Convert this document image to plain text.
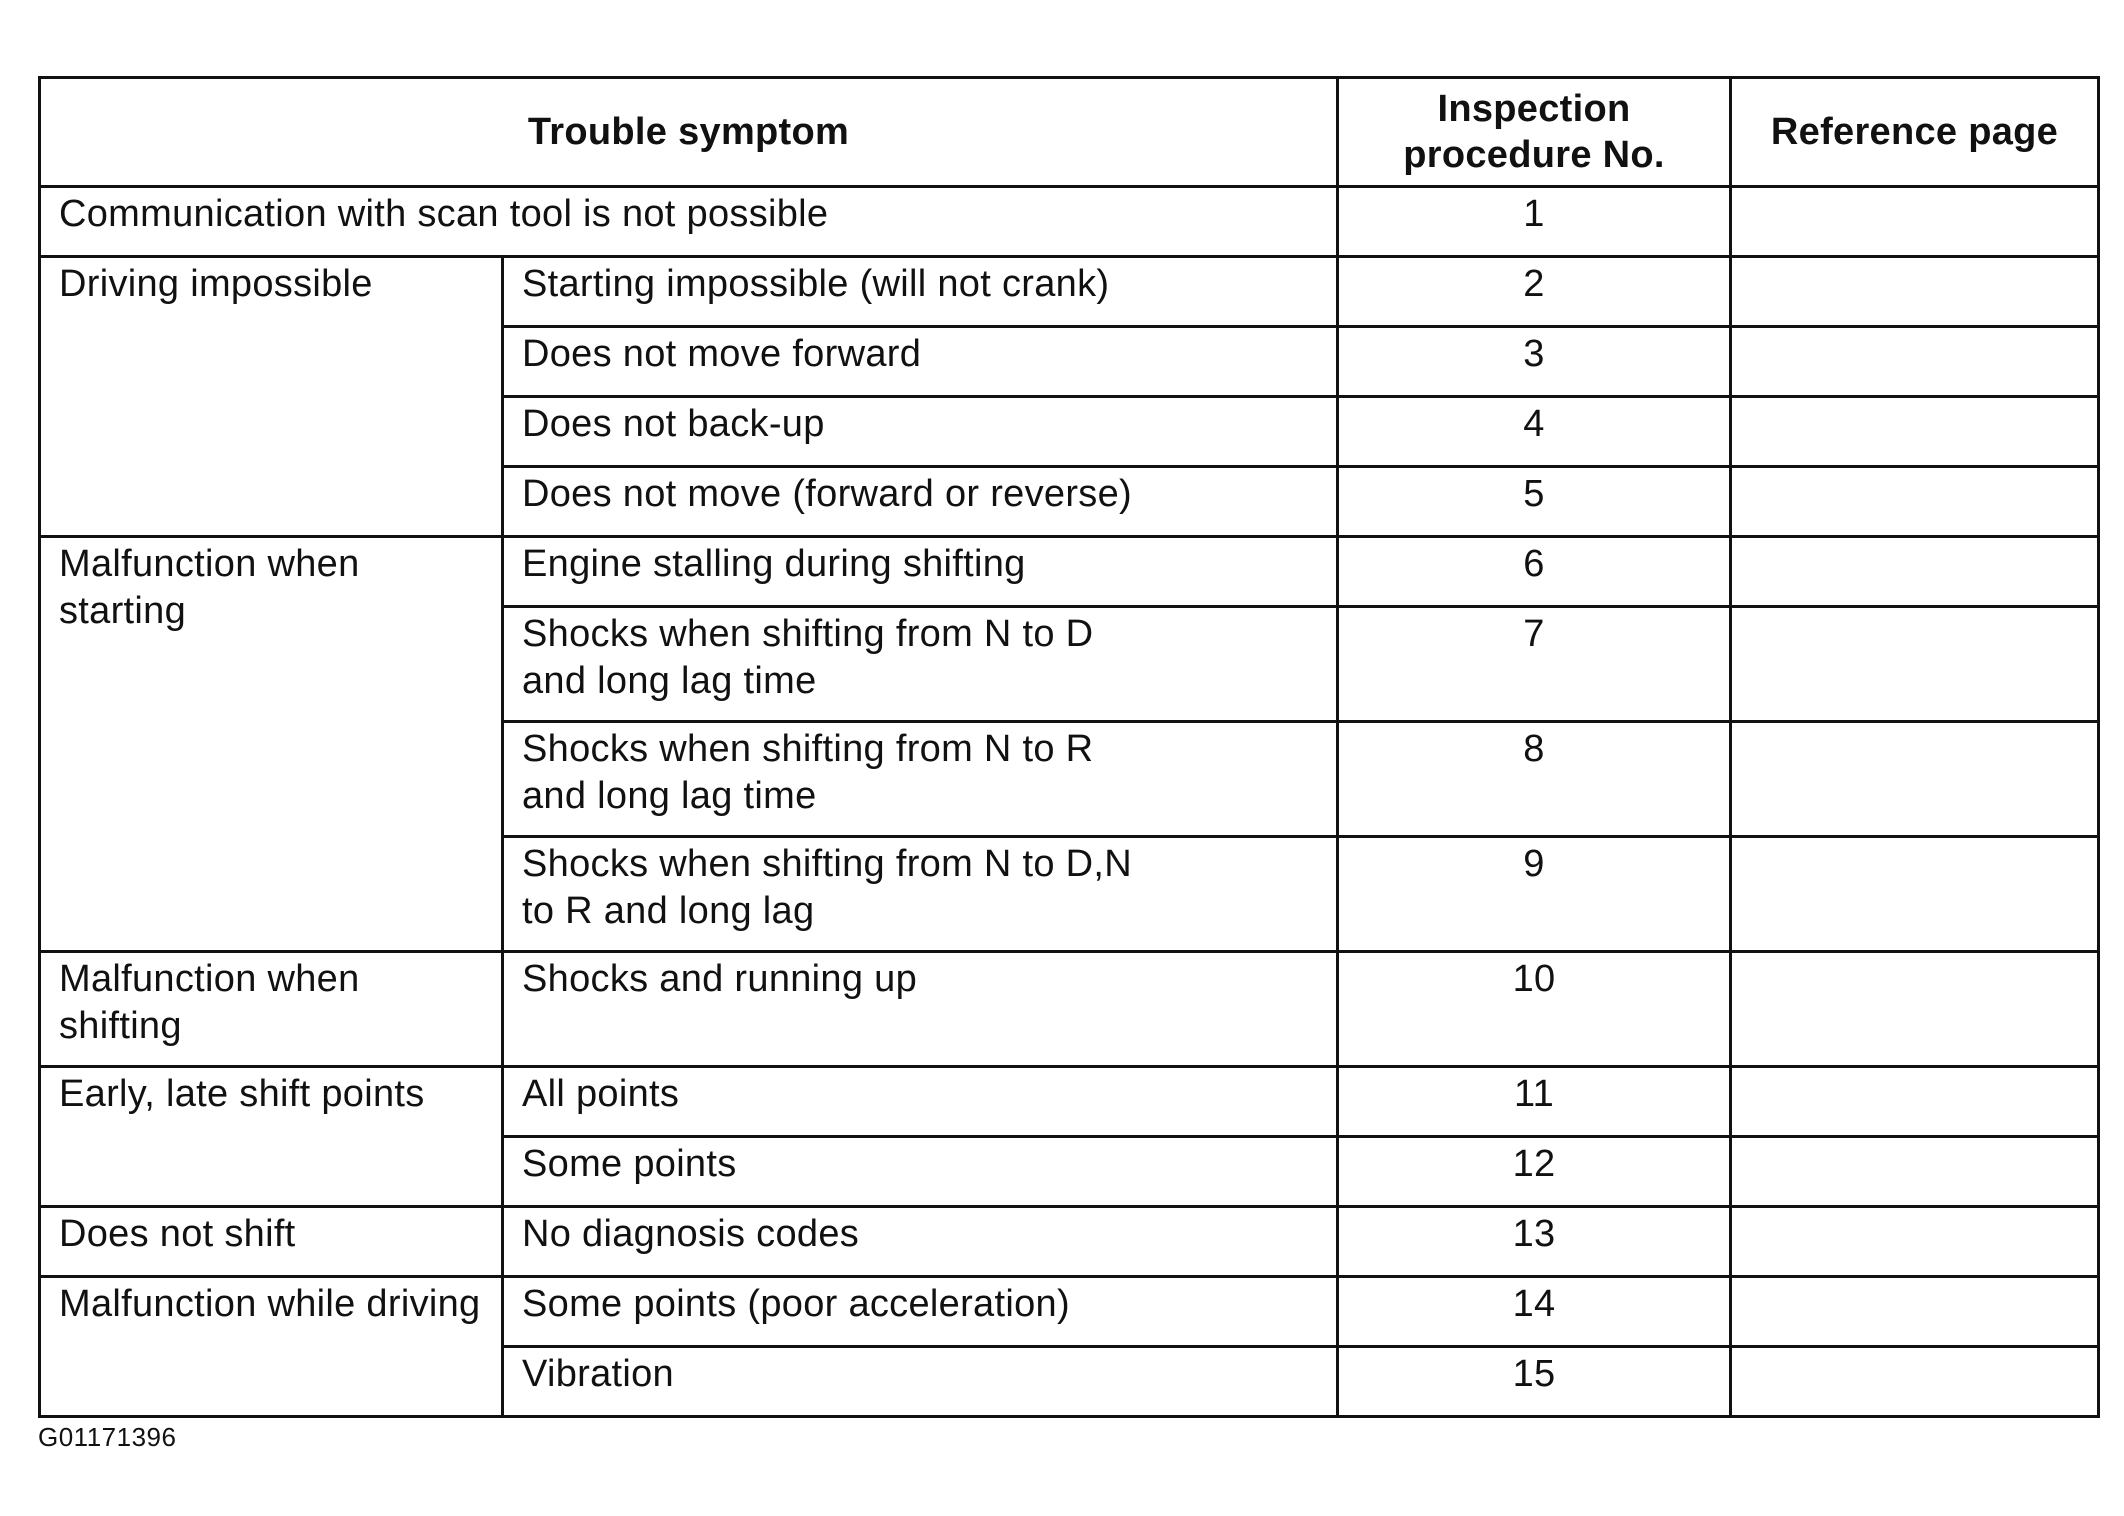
Trouble symptom		Inspection procedure No.	Reference page
Communication with scan tool is not possible		1	
Driving impossible	Starting impossible (will not crank)	2	
	Does not move forward	3	
	Does not back-up	4	
	Does not move (forward or reverse)	5	
Malfunction when starting	Engine stalling during shifting	6	
	Shocks when shifting from N to D and long lag time	7	
	Shocks when shifting from N to R and long lag time	8	
	Shocks when shifting from N to D,N to R and long lag	9	
Malfunction when shifting	Shocks and running up	10	
Early, late shift points	All points	11	
	Some points	12	
Does not shift	No diagnosis codes	13	
Malfunction while driving	Some points (poor acceleration)	14	
	Vibration	15	
G01171396
